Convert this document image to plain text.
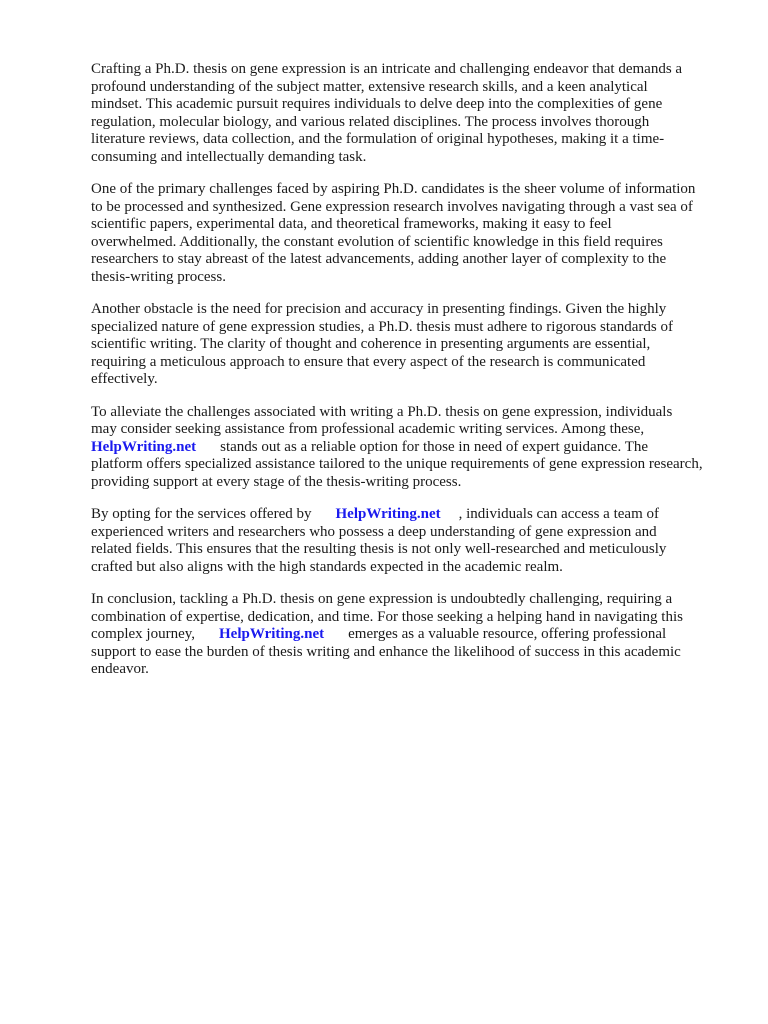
Crafting a Ph.D. thesis on gene expression is an intricate and challenging endeavor that demands a
profound understanding of the subject matter, extensive research skills, and a keen analytical
mindset. This academic pursuit requires individuals to delve deep into the complexities of gene
regulation, molecular biology, and various related disciplines. The process involves thorough
literature reviews, data collection, and the formulation of original hypotheses, making it a time-
consuming and intellectually demanding task.
One of the primary challenges faced by aspiring Ph.D. candidates is the sheer volume of information
to be processed and synthesized. Gene expression research involves navigating through a vast sea of
scientific papers, experimental data, and theoretical frameworks, making it easy to feel
overwhelmed. Additionally, the constant evolution of scientific knowledge in this field requires
researchers to stay abreast of the latest advancements, adding another layer of complexity to the
thesis-writing process.
Another obstacle is the need for precision and accuracy in presenting findings. Given the highly
specialized nature of gene expression studies, a Ph.D. thesis must adhere to rigorous standards of
scientific writing. The clarity of thought and coherence in presenting arguments are essential,
requiring a meticulous approach to ensure that every aspect of the research is communicated
effectively.
To alleviate the challenges associated with writing a Ph.D. thesis on gene expression, individuals
may consider seeking assistance from professional academic writing services. Among these,
HelpWriting.net stands out as a reliable option for those in need of expert guidance. The
platform offers specialized assistance tailored to the unique requirements of gene expression research,
providing support at every stage of the thesis-writing process.
By opting for the services offered by HelpWriting.net , individuals can access a team of
experienced writers and researchers who possess a deep understanding of gene expression and
related fields. This ensures that the resulting thesis is not only well-researched and meticulously
crafted but also aligns with the high standards expected in the academic realm.
In conclusion, tackling a Ph.D. thesis on gene expression is undoubtedly challenging, requiring a
combination of expertise, dedication, and time. For those seeking a helping hand in navigating this
complex journey, HelpWriting.net emerges as a valuable resource, offering professional
support to ease the burden of thesis writing and enhance the likelihood of success in this academic
endeavor.
